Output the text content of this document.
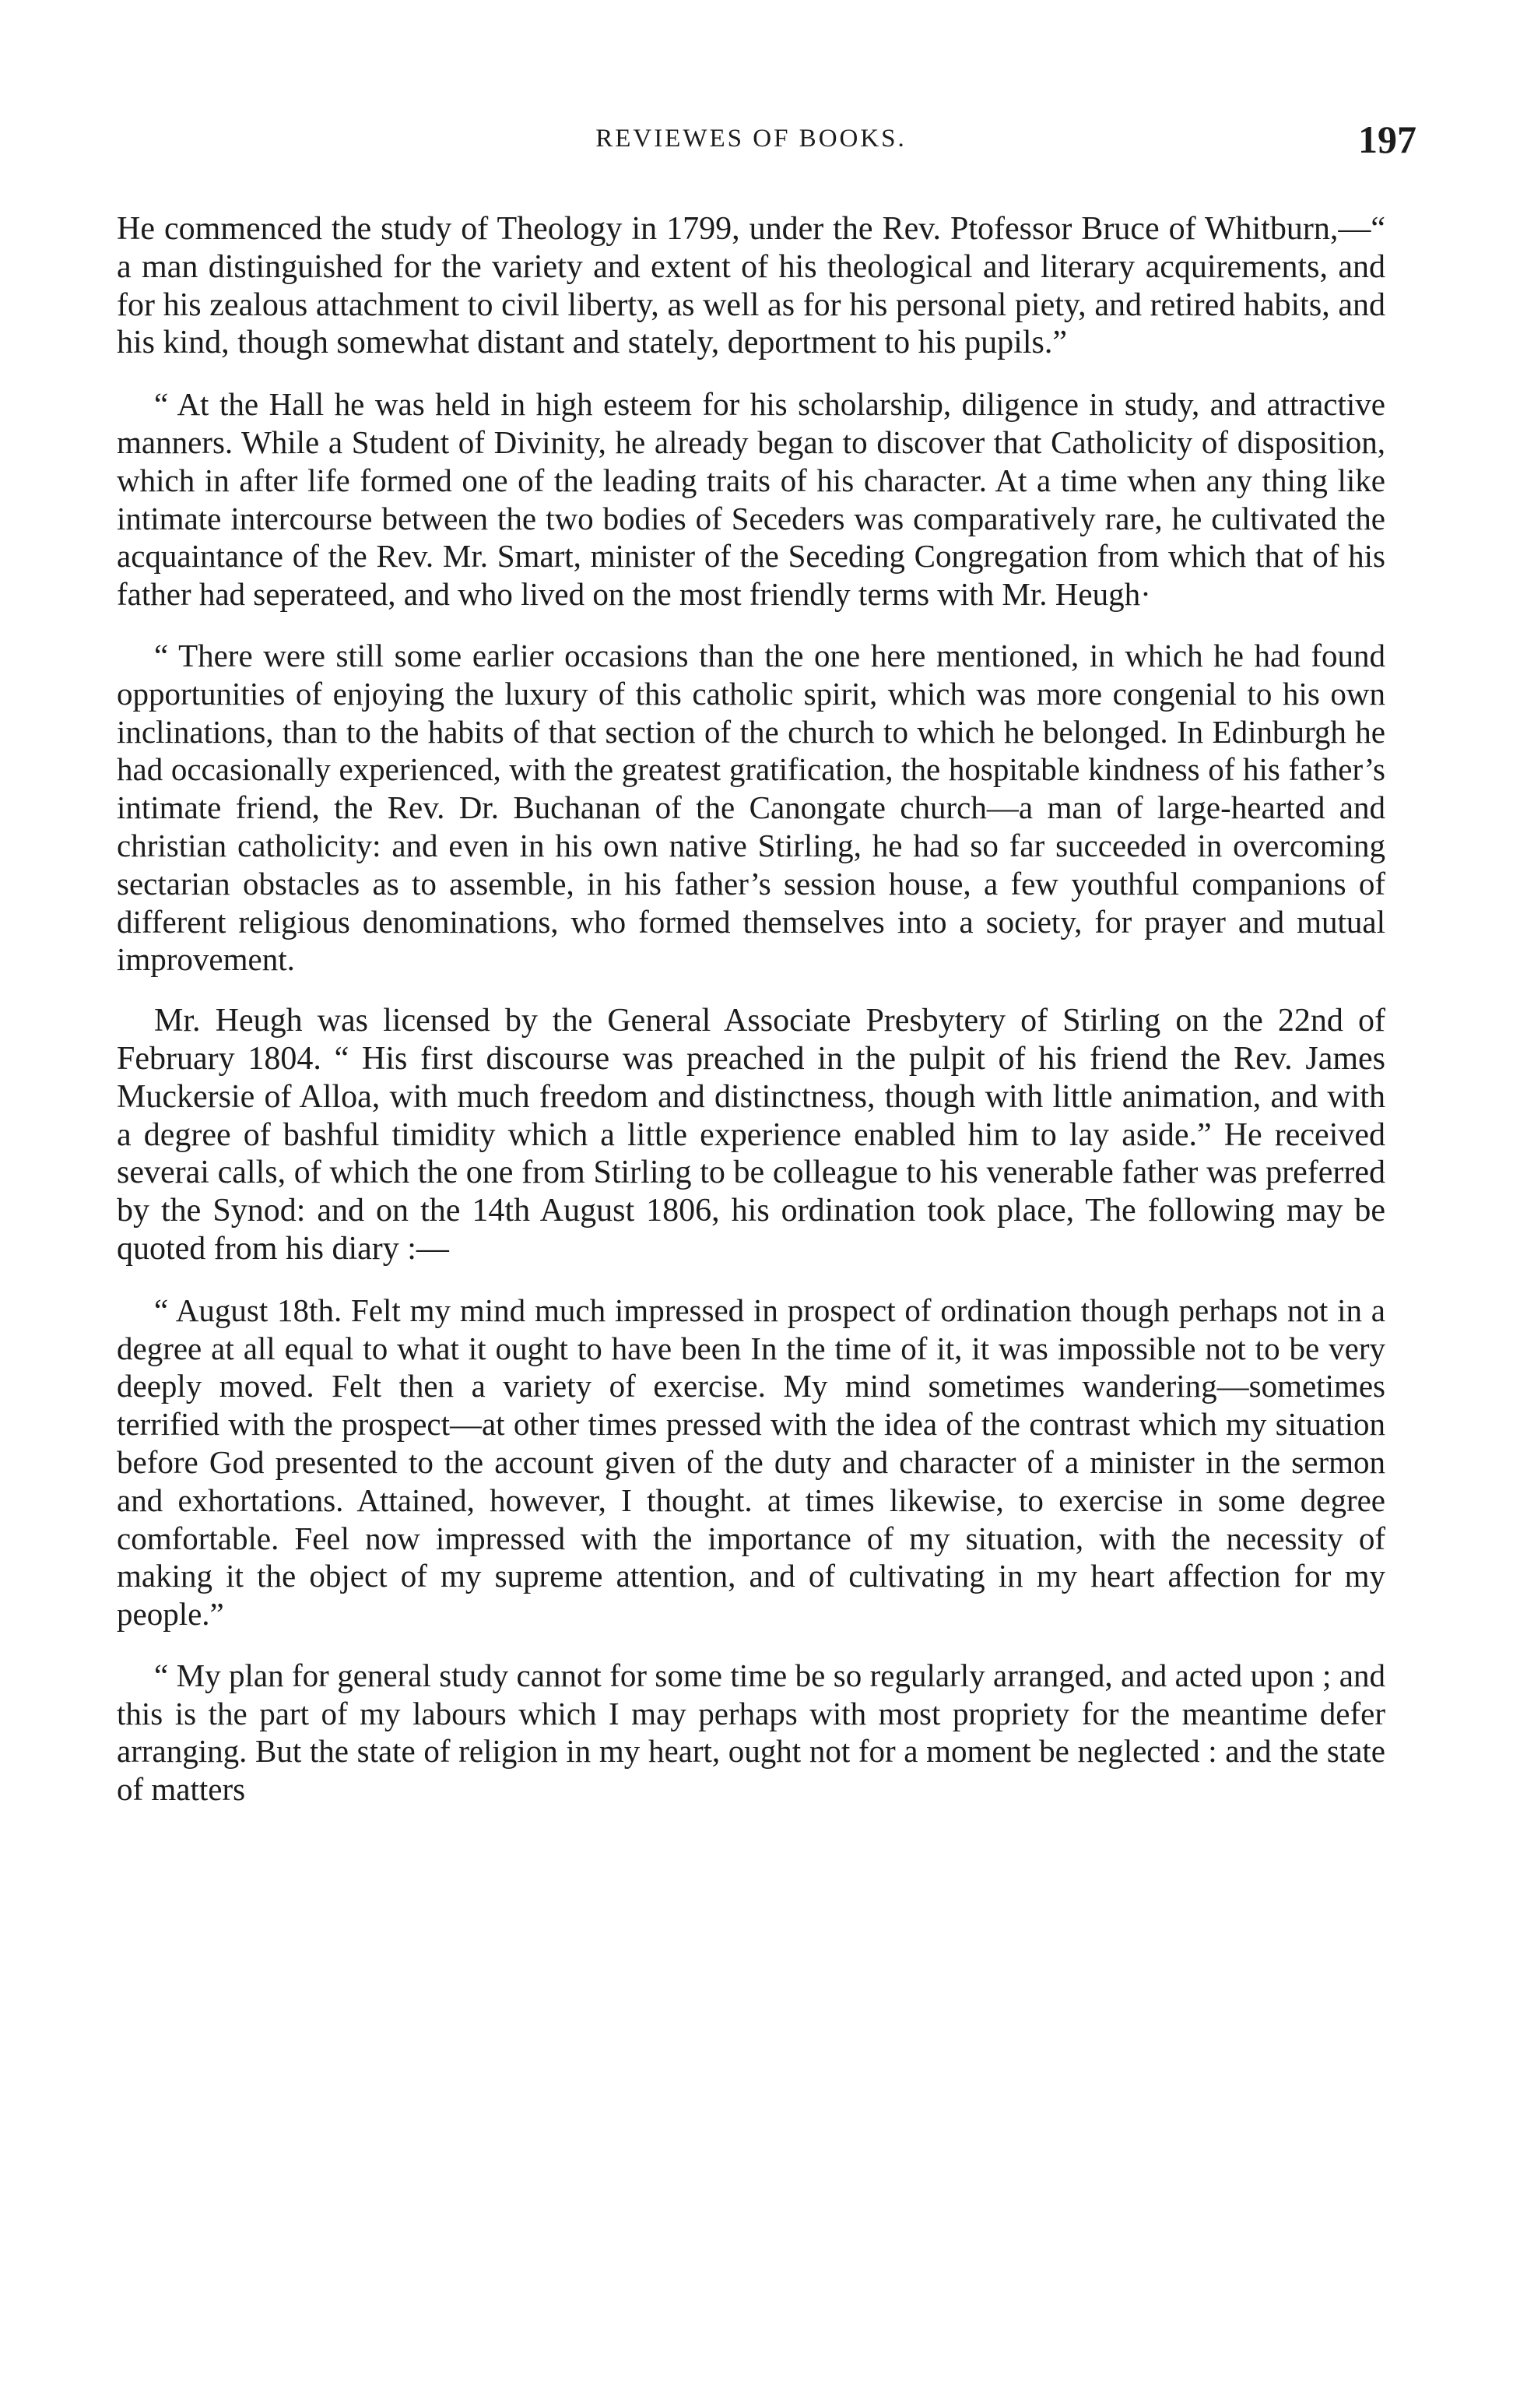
REVIEWES OF BOOKS.	197

He commenced the study of Theology in 1799, under the Rev. Ptofessor Bruce of Whitburn,—“ a man distinguished for the variety and extent of his theological and literary acquirements, and for his zealous attachment to civil liberty, as well as for his personal piety, and retired habits, and his kind, though somewhat distant and stately, deportment to his pupils.”

“ At the Hall he was held in high esteem for his scholarship, diligence in study, and attractive manners. While a Student of Divinity, he already began to discover that Catholicity of disposition, which in after life formed one of the leading traits of his character. At a time when any thing like intimate intercourse between the two bodies of Seceders was comparatively rare, he cultivated the acquaintance of the Rev. Mr. Smart, minister of the Seceding Congregation from which that of his father had seperateed, and who lived on the most friendly terms with Mr. Heugh·

“ There were still some earlier occasions than the one here mentioned, in which he had found opportunities of enjoying the luxury of this catholic spirit, which was more congenial to his own inclinations, than to the habits of that section of the church to which he belonged. In Edinburgh he had occasionally experienced, with the greatest gratification, the hospitable kindness of his father’s intimate friend, the Rev. Dr. Buchanan of the Canongate church—a man of large-hearted and christian catholicity: and even in his own native Stirling, he had so far succeeded in overcoming sectarian obstacles as to assemble, in his father’s session house, a few youthful companions of different religious denominations, who formed themselves into a society, for prayer and mutual improvement.

Mr. Heugh was licensed by the General Associate Presbytery of Stirling on the 22nd of February 1804. “ His first discourse was preached in the pulpit of his friend the Rev. James Muckersie of Alloa, with much freedom and distinctness, though with little animation, and with a degree of bashful timidity which a little experience enabled him to lay aside.” He received severai calls, of which the one from Stirling to be colleague to his venerable father was preferred by the Synod: and on the 14th August 1806, his ordination took place, The following may be quoted from his diary :—

“ August 18th. Felt my mind much impressed in prospect of ordination though perhaps not in a degree at all equal to what it ought to have been In the time of it, it was impossible not to be very deeply moved. Felt then a variety of exercise. My mind sometimes wandering—sometimes terrified with the prospect—at other times pressed with the idea of the contrast which my situation before God presented to the account given of the duty and character of a minister in the sermon and exhortations. Attained, however, I thought. at times likewise, to exercise in some degree comfortable. Feel now impressed with the importance of my situation, with the necessity of making it the object of my supreme attention, and of cultivating in my heart affection for my people.”

“ My plan for general study cannot for some time be so regularly arranged, and acted upon ; and this is the part of my labours which I may perhaps with most propriety for the meantime defer arranging. But the state of religion in my heart, ought not for a moment be neglected : and the state of matters
